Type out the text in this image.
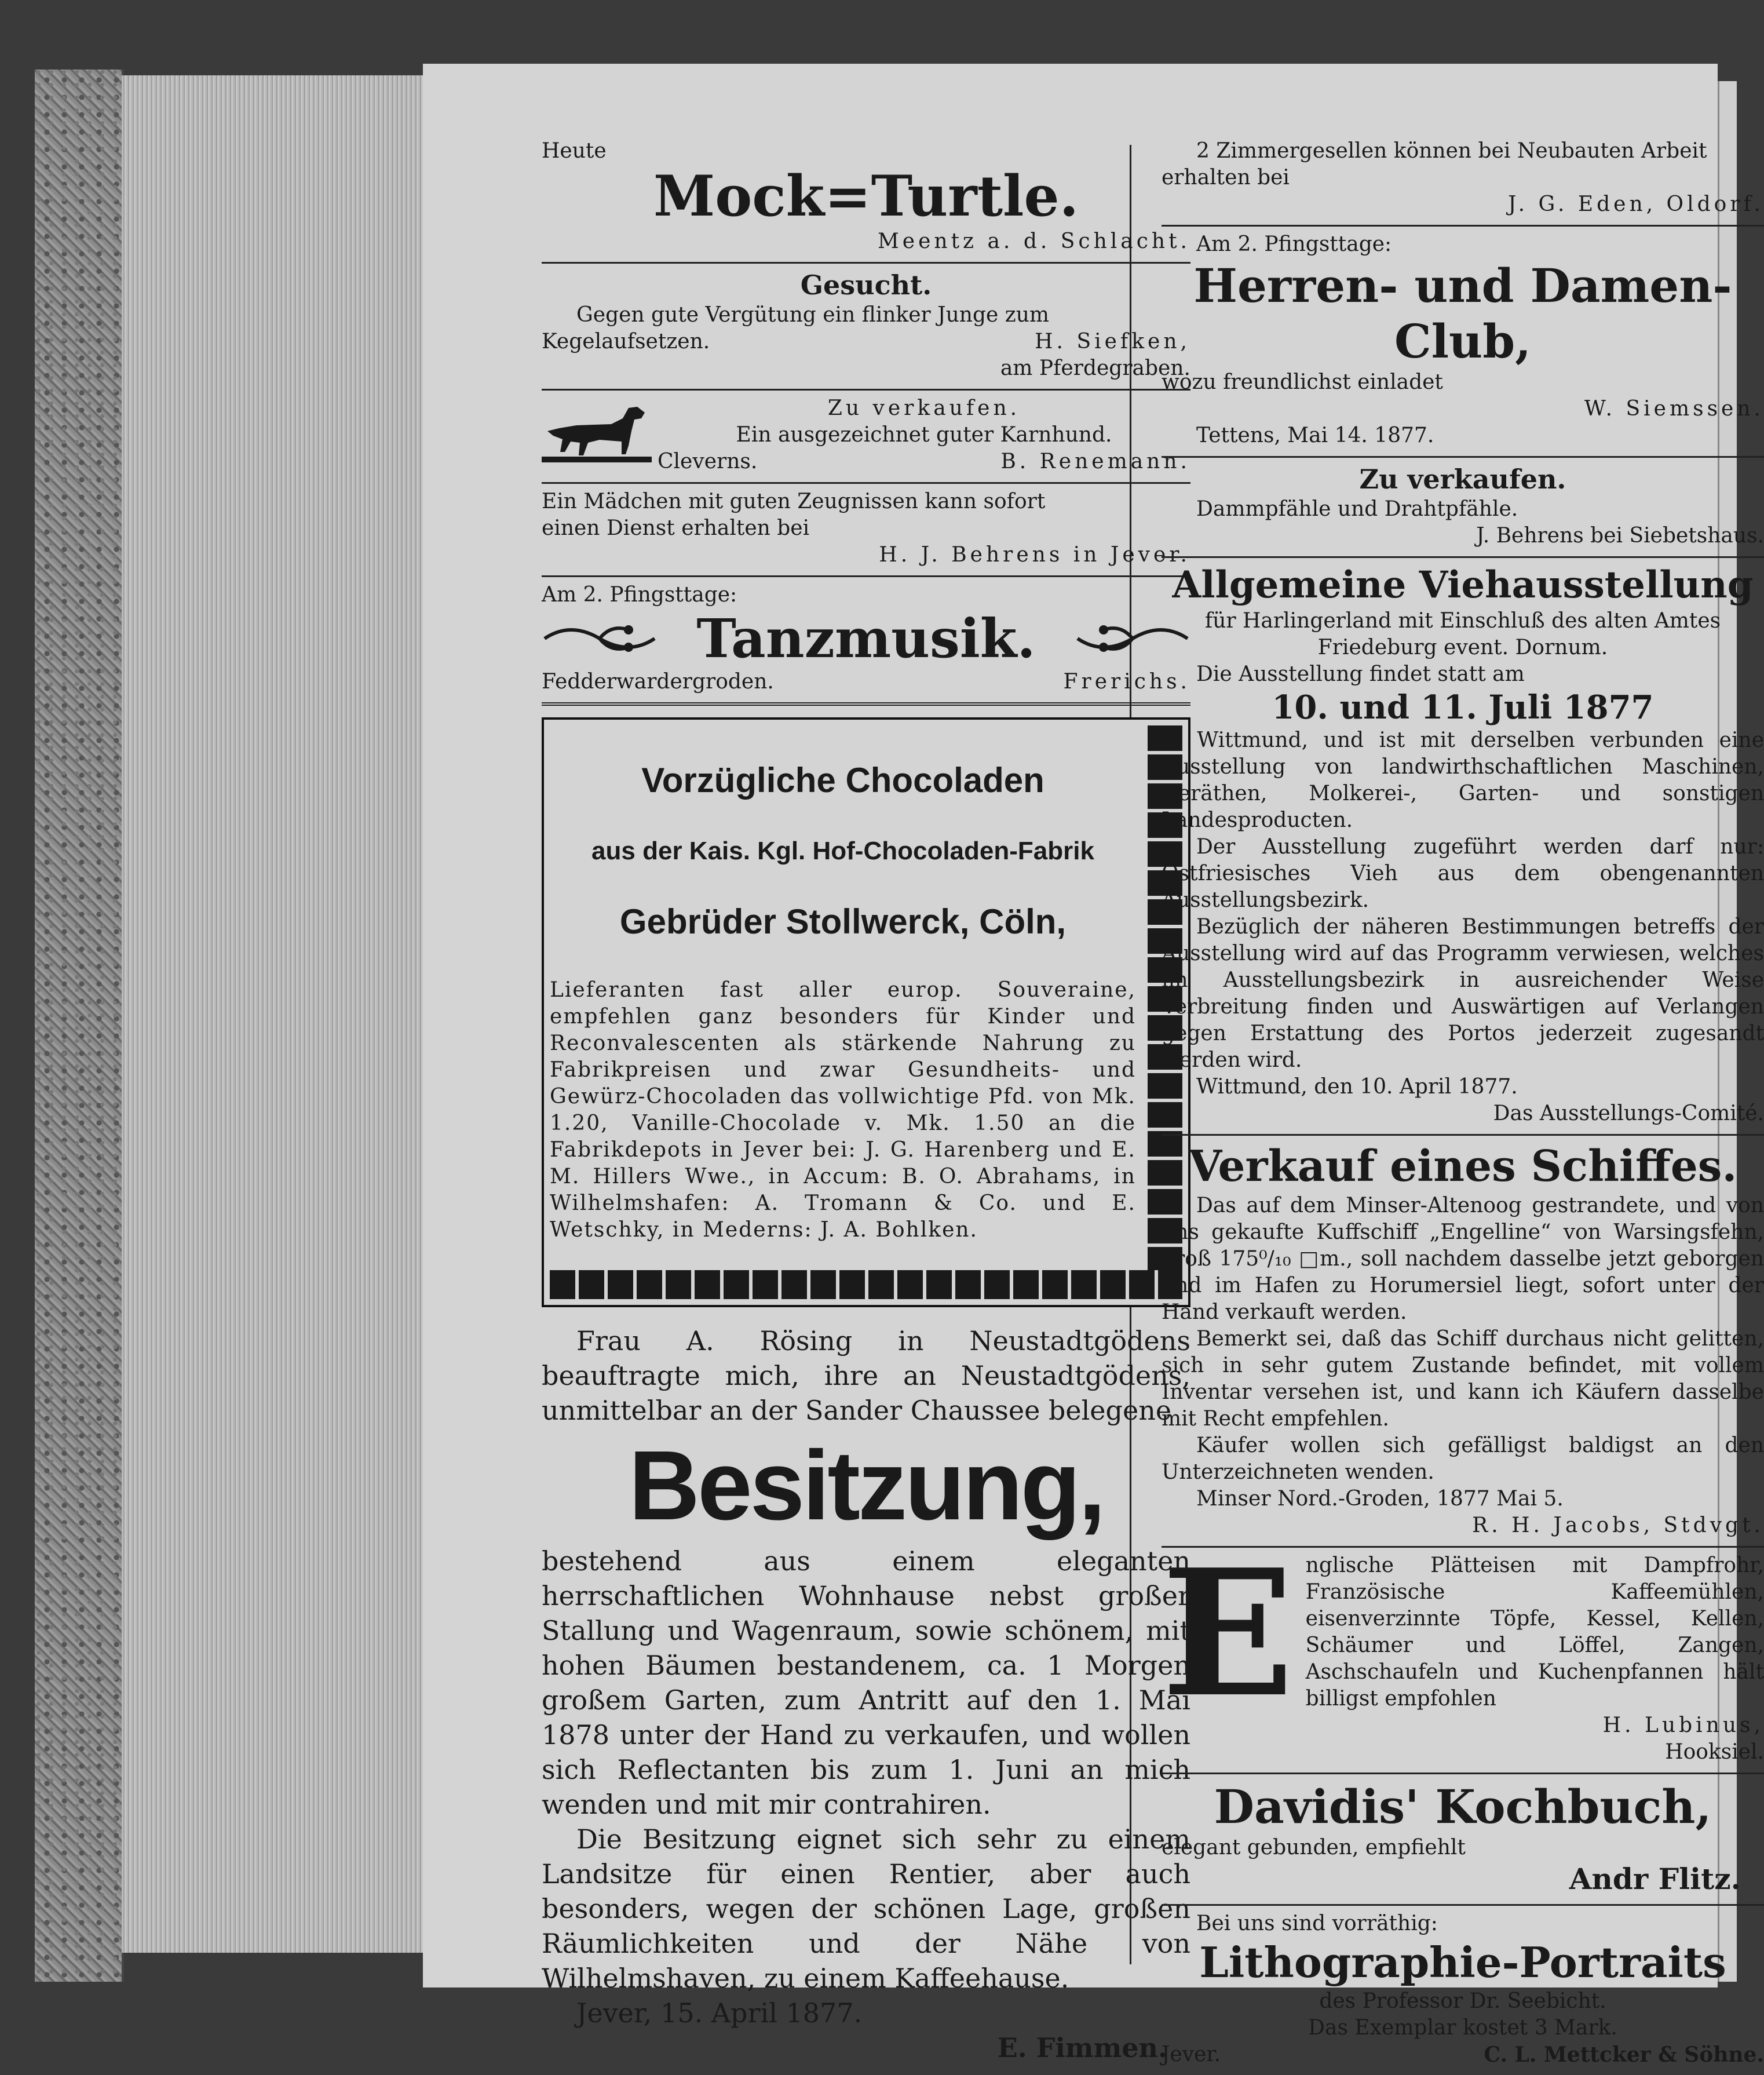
Heute

Mock=Turtle.

Meentz a. d. Schlacht.

Gesucht.

Gegen gute Vergütung ein flinker Junge zum

Kegelaufsetzen.	H. Siefken,

am Pferdegraben.

Zu verkaufen.

Ein ausgezeichnet guter Karnhund.

Cleverns.	B. Renemann.

Ein Mädchen mit guten Zeugnissen kann sofort

einen Dienst erhalten bei

H. J. Behrens in Jever.

Am 2. Pfingsttage:

Tanzmusik.
Fedderwardergroden.	Frerichs.

Vorzügliche Chocoladen

aus der Kais. Kgl. Hof-Chocoladen-Fabrik

Gebrüder Stollwerck, Cöln,

Lieferanten fast aller europ. Souveraine, empfehlen ganz besonders für Kinder und Reconvalescenten als stärkende Nahrung zu Fabrikpreisen und zwar Gesundheits- und Gewürz-Chocoladen das vollwichtige Pfd. von Mk. 1.20, Vanille-Chocolade v. Mk. 1.50 an die Fabrikdepots in Jever bei: J. G. Harenberg und E. M. Hillers Wwe., in Accum: B. O. Abrahams, in Wilhelmshafen: A. Tromann & Co. und E. Wetschky, in Mederns: J. A. Bohlken.

Frau A. Rösing in Neustadtgödens beauftragte mich, ihre an Neustadtgödens, unmittelbar an der Sander Chaussee belegene

Besitzung,

bestehend aus einem eleganten herrschaftlichen Wohnhause nebst großer Stallung und Wagenraum, sowie schönem, mit hohen Bäumen bestandenem, ca. 1 Morgen großem Garten, zum Antritt auf den 1. Mai 1878 unter der Hand zu verkaufen, und wollen sich Reflectanten bis zum 1. Juni an mich wenden und mit mir contrahiren.

Die Besitzung eignet sich sehr zu einem Landsitze für einen Rentier, aber auch besonders, wegen der schönen Lage, großen Räumlichkeiten und der Nähe von Wilhelmshaven, zu einem Kaffeehause.

Jever, 15. April 1877.

E. Fimmen.

2 Zimmergesellen können bei Neubauten Arbeit

erhalten bei

J. G. Eden, Oldorf.

Am 2. Pfingsttage:

Herren- und Damen-Club,

wozu freundlichst einladet

W. Siemssen.

Tettens, Mai 14. 1877.

Zu verkaufen.

Dammpfähle und Drahtpfähle.

J. Behrens bei Siebetshaus.

Allgemeine Viehausstellung

für Harlingerland mit Einschluß des alten Amtes Friedeburg event. Dornum.

Die Ausstellung findet statt am

10. und 11. Juli 1877

in Wittmund, und ist mit derselben verbunden eine Ausstellung von landwirthschaftlichen Maschinen, Geräthen, Molkerei-, Garten- und sonstigen Landesproducten.

Der Ausstellung zugeführt werden darf nur: Ostfriesisches Vieh aus dem obengenannten Ausstellungsbezirk.

Bezüglich der näheren Bestimmungen betreffs der Ausstellung wird auf das Programm verwiesen, welches im Ausstellungsbezirk in ausreichender Weise Verbreitung finden und Auswärtigen auf Verlangen gegen Erstattung des Portos jederzeit zugesandt werden wird.

Wittmund, den 10. April 1877.

Das Ausstellungs-Comité.

Verkauf eines Schiffes.

Das auf dem Minser-Altenoog gestrandete, und von uns gekaufte Kuffschiff „Engelline“ von Warsingsfehn, groß 175⁰/₁₀ □m., soll nachdem dasselbe jetzt geborgen und im Hafen zu Horumersiel liegt, sofort unter der Hand verkauft werden.

Bemerkt sei, daß das Schiff durchaus nicht gelitten, sich in sehr gutem Zustande befindet, mit vollem Inventar versehen ist, und kann ich Käufern dasselbe mit Recht empfehlen.

Käufer wollen sich gefälligst baldigst an den Unterzeichneten wenden.

Minser Nord.-Groden, 1877 Mai 5.

R. H. Jacobs, Stdvgt.

E nglische Plätteisen mit Dampfrohr, Französische Kaffeemühlen, eisenverzinnte Töpfe, Kessel, Kellen, Schäumer und Löffel, Zangen, Aschschaufeln und Kuchenpfannen hält billigst empfohlen

H. Lubinus,

Hooksiel.

Davidis' Kochbuch,

elegant gebunden, empfiehlt

Andr Flitz.

Bei uns sind vorräthig:

Lithographie-Portraits

des Professor Dr. Seebicht.

Das Exemplar kostet 3 Mark.

Jever.	C. L. Mettcker & Söhne.
